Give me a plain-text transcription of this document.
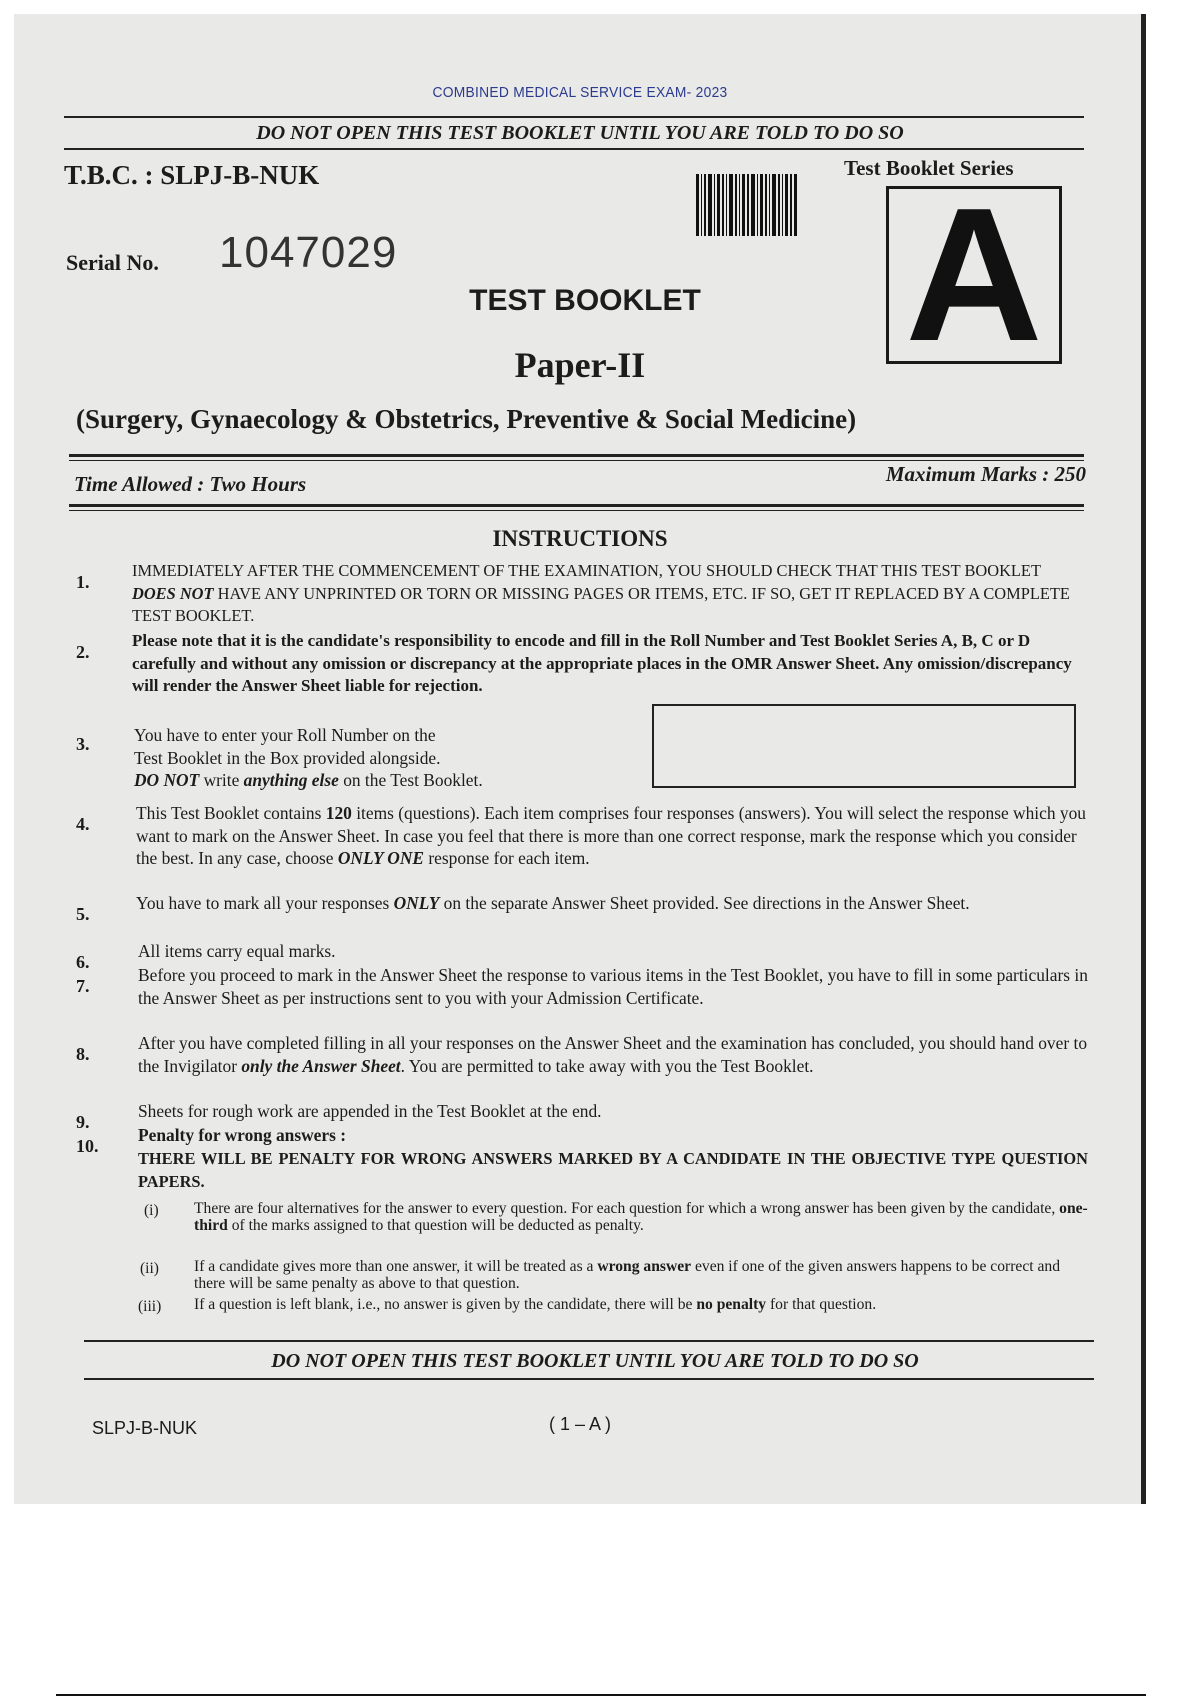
COMBINED MEDICAL SERVICE EXAM- 2023
DO NOT OPEN THIS TEST BOOKLET UNTIL YOU ARE TOLD TO DO SO
T.B.C. : SLPJ-B-NUK
Serial No. 1047029
Test Booklet Series
A
TEST BOOKLET
Paper-II
(Surgery, Gynaecology & Obstetrics, Preventive & Social Medicine)
Time Allowed : Two Hours	Maximum Marks : 250
INSTRUCTIONS
1.
IMMEDIATELY AFTER THE COMMENCEMENT OF THE EXAMINATION, YOU SHOULD CHECK THAT THIS TEST BOOKLET DOES NOT HAVE ANY UNPRINTED OR TORN OR MISSING PAGES OR ITEMS, ETC. IF SO, GET IT REPLACED BY A COMPLETE TEST BOOKLET.
2.
Please note that it is the candidate's responsibility to encode and fill in the Roll Number and Test Booklet Series A, B, C or D carefully and without any omission or discrepancy at the appropriate places in the OMR Answer Sheet. Any omission/discrepancy will render the Answer Sheet liable for rejection.
3.	You have to enter your Roll Number on the
Test Booklet in the Box provided alongside.
DO NOT write anything else on the Test Booklet.
4.
This Test Booklet contains 120 items (questions). Each item comprises four responses (answers). You will select the response which you want to mark on the Answer Sheet. In case you feel that there is more than one correct response, mark the response which you consider the best. In any case, choose ONLY ONE response for each item.
5.
You have to mark all your responses ONLY on the separate Answer Sheet provided. See directions in the Answer Sheet.
6.
All items carry equal marks.
7.
Before you proceed to mark in the Answer Sheet the response to various items in the Test Booklet, you have to fill in some particulars in the Answer Sheet as per instructions sent to you with your Admission Certificate.
8.
After you have completed filling in all your responses on the Answer Sheet and the examination has concluded, you should hand over to the Invigilator only the Answer Sheet. You are permitted to take away with you the Test Booklet.
9.
Sheets for rough work are appended in the Test Booklet at the end.
10.
Penalty for wrong answers :
THERE WILL BE PENALTY FOR WRONG ANSWERS MARKED BY A CANDIDATE IN THE OBJECTIVE TYPE QUESTION PAPERS.
(i) There are four alternatives for the answer to every question. For each question for which a wrong answer has been given by the candidate, one-third of the marks assigned to that question will be deducted as penalty.
(ii) If a candidate gives more than one answer, it will be treated as a wrong answer even if one of the given answers happens to be correct and there will be same penalty as above to that question.
(iii) If a question is left blank, i.e., no answer is given by the candidate, there will be no penalty for that question.
DO NOT OPEN THIS TEST BOOKLET UNTIL YOU ARE TOLD TO DO SO
SLPJ-B-NUK	( 1 – A )
